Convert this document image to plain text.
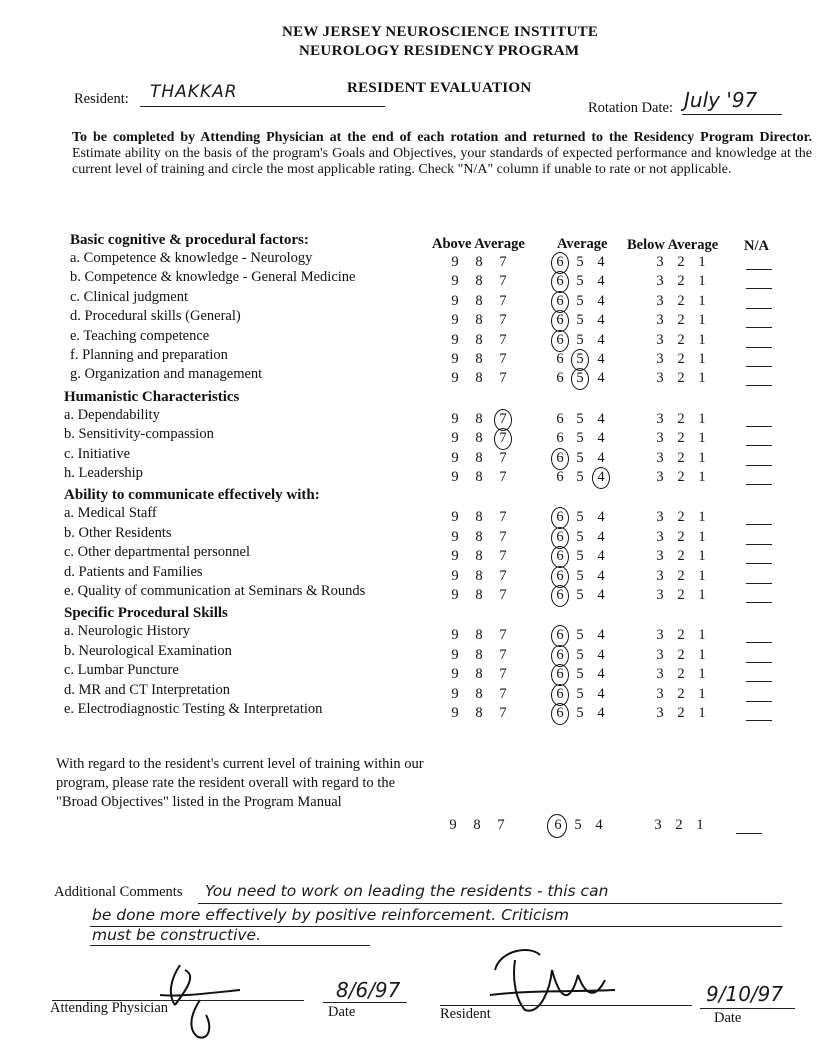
NEW JERSEY NEUROSCIENCE INSTITUTE
NEUROLOGY RESIDENCY PROGRAM
RESIDENT EVALUATION
Resident: THAKKAR
Rotation Date: July '97
To be completed by Attending Physician at the end of each rotation and returned to the Residency Program Director. Estimate ability on the basis of the program's Goals and Objectives, your standards of expected performance and knowledge at the current level of training and circle the most applicable rating. Check "N/A" column if unable to rate or not applicable.
Above Average Average Below Average N/A
Basic cognitive & procedural factors:
a. Competence & knowledge - Neurology	9 8 7	6 5 4	3 2 1
b. Competence & knowledge - General Medicine	9 8 7	6 5 4	3 2 1
c. Clinical judgment	9 8 7	6 5 4	3 2 1
d. Procedural skills (General)	9 8 7	6 5 4	3 2 1
e. Teaching competence	9 8 7	6 5 4	3 2 1
f. Planning and preparation	9 8 7	6 5 4	3 2 1
g. Organization and management	9 8 7	6 5 4	3 2 1
Humanistic Characteristics
a. Dependability	9 8 7	6 5 4	3 2 1
b. Sensitivity-compassion	9 8 7	6 5 4	3 2 1
c. Initiative	9 8 7	6 5 4	3 2 1
h. Leadership	9 8 7	6 5 4	3 2 1
Ability to communicate effectively with:
a. Medical Staff	9 8 7	6 5 4	3 2 1
b. Other Residents	9 8 7	6 5 4	3 2 1
c. Other departmental personnel	9 8 7	6 5 4	3 2 1
d. Patients and Families	9 8 7	6 5 4	3 2 1
e. Quality of communication at Seminars & Rounds	9 8 7	6 5 4	3 2 1
Specific Procedural Skills
a. Neurologic History	9 8 7	6 5 4	3 2 1
b. Neurological Examination	9 8 7	6 5 4	3 2 1
c. Lumbar Puncture	9 8 7	6 5 4	3 2 1
d. MR and CT Interpretation	9 8 7	6 5 4	3 2 1
e. Electrodiagnostic Testing & Interpretation	9 8 7	6 5 4	3 2 1
With regard to the resident's current level of training within our program, please rate the resident overall with regard to the "Broad Objectives" listed in the Program Manual
9 8 7	6 5 4	3 2 1
Additional Comments You need to work on leading the residents - this can
be done more effectively by positive reinforcement. Criticism
must be constructive.
Attending Physician
8/6/97
Date	Resident
9/10/97
Date
